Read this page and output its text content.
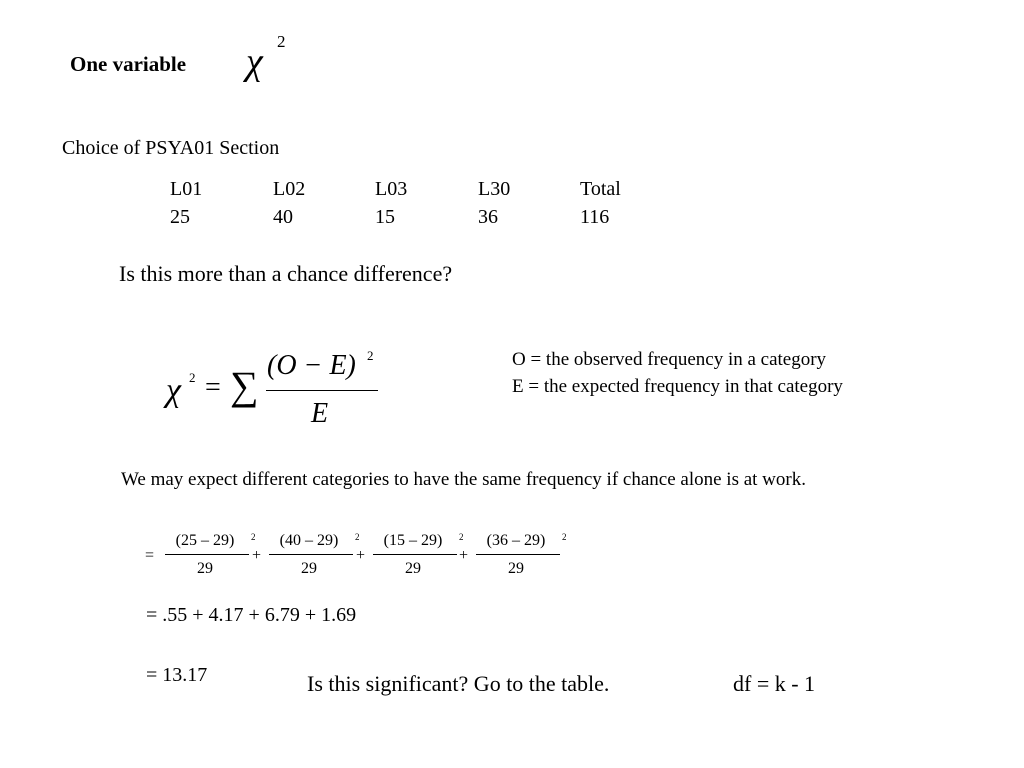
One variable χ 2
Choice of PSYA01 Section
L01	L02	L03	L30	Total
25	40	15	36	116
Is this more than a chance difference?
χ 2 = ∑ (O − E) 2
E
O = the observed frequency in a category
E = the expected frequency in that category
We may expect different categories to have the same frequency if chance alone is at work.
=
(25 – 29)	2
29
+
(40 – 29)	2
29
+
(15 – 29)	2
29
+
(36 – 29)	2
29
= .55 + 4.17 + 6.79 + 1.69
= 13.17	Is this significant? Go to the table.	df = k - 1
